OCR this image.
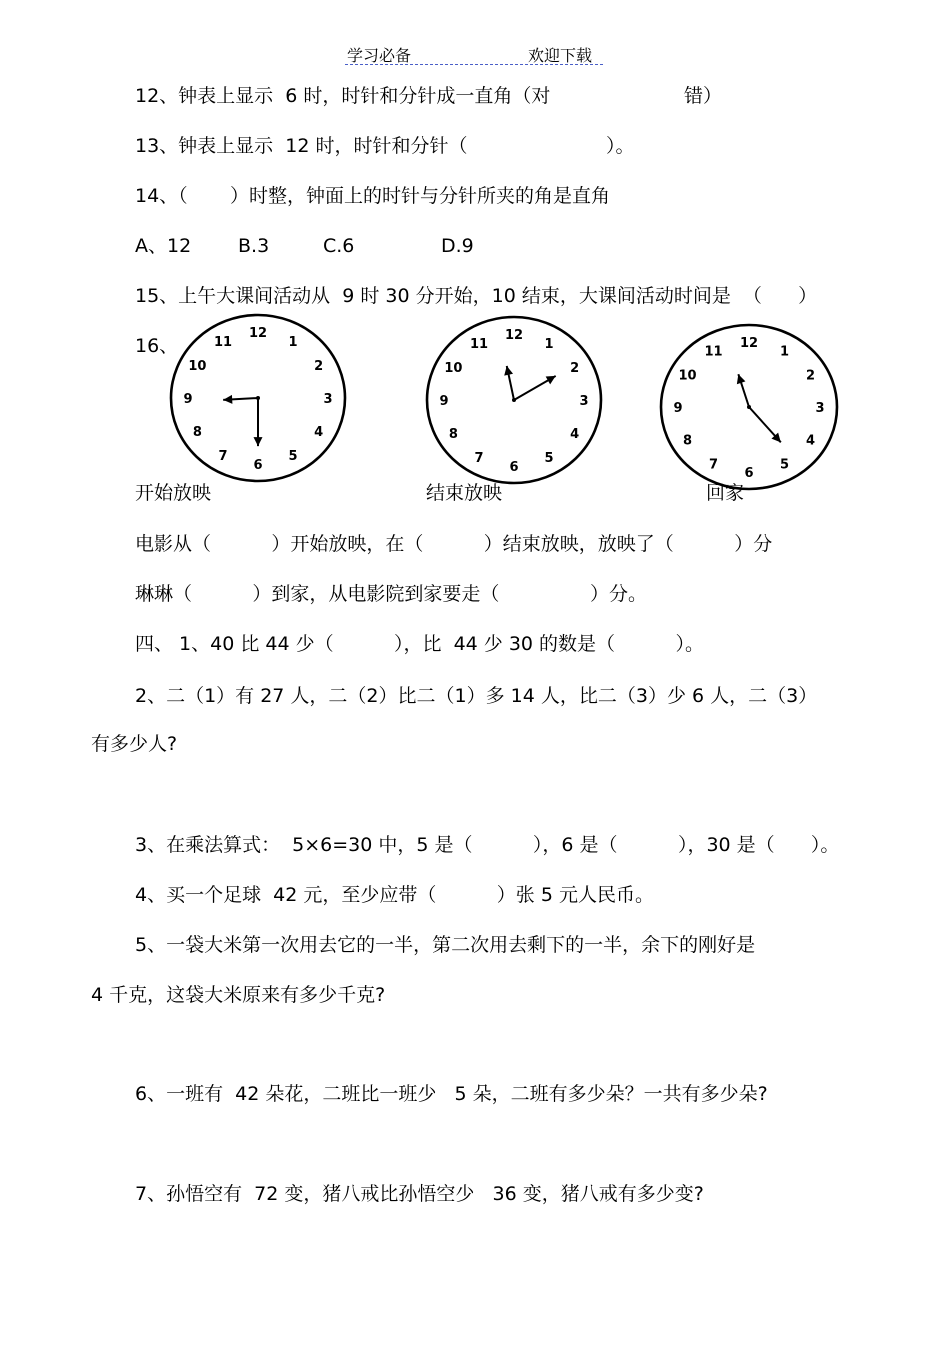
学习必备	欢迎下载
12、钟表上显示  6 时，时针和分针成一直角（对	错）
13、钟表上显示  12 时，时针和分针（	）。
14、（       ）时整，钟面上的时针与分针所夹的角是直角
A、12 B.3	C.6	D.9
15、上午大课间活动从  9 时 30 分开始，10 结束，大课间活动时间是  （      ）
16、
12
1
2
3
4
5
6
7
8
9
10
11	12
1
2
3
4
5
6
7
8
9
10
11	12
1
2
3
4
5
6
7
8
9
10
11
开始放映	结束放映	回家
电影从（          ）开始放映，在（          ）结束放映，放映了（          ）分
琳琳（          ）到家，从电影院到家要走（               ）分。
四、 1、40 比 44 少（          ），比  44 少 30 的数是（          ）。
2、二（1）有 27 人，二（2）比二（1）多 14 人，比二（3）少 6 人，二（3）
有多少人?
3、在乘法算式：  5×6=30 中，5 是（          ），6 是（          ），30 是（      ）。
4、买一个足球  42 元，至少应带（          ）张 5 元人民币。
5、一袋大米第一次用去它的一半，第二次用去剩下的一半，余下的刚好是
4 千克，这袋大米原来有多少千克?
6、一班有  42 朵花，二班比一班少   5 朵，二班有多少朵？一共有多少朵?
7、孙悟空有  72 变，猪八戒比孙悟空少   36 变，猪八戒有多少变?
